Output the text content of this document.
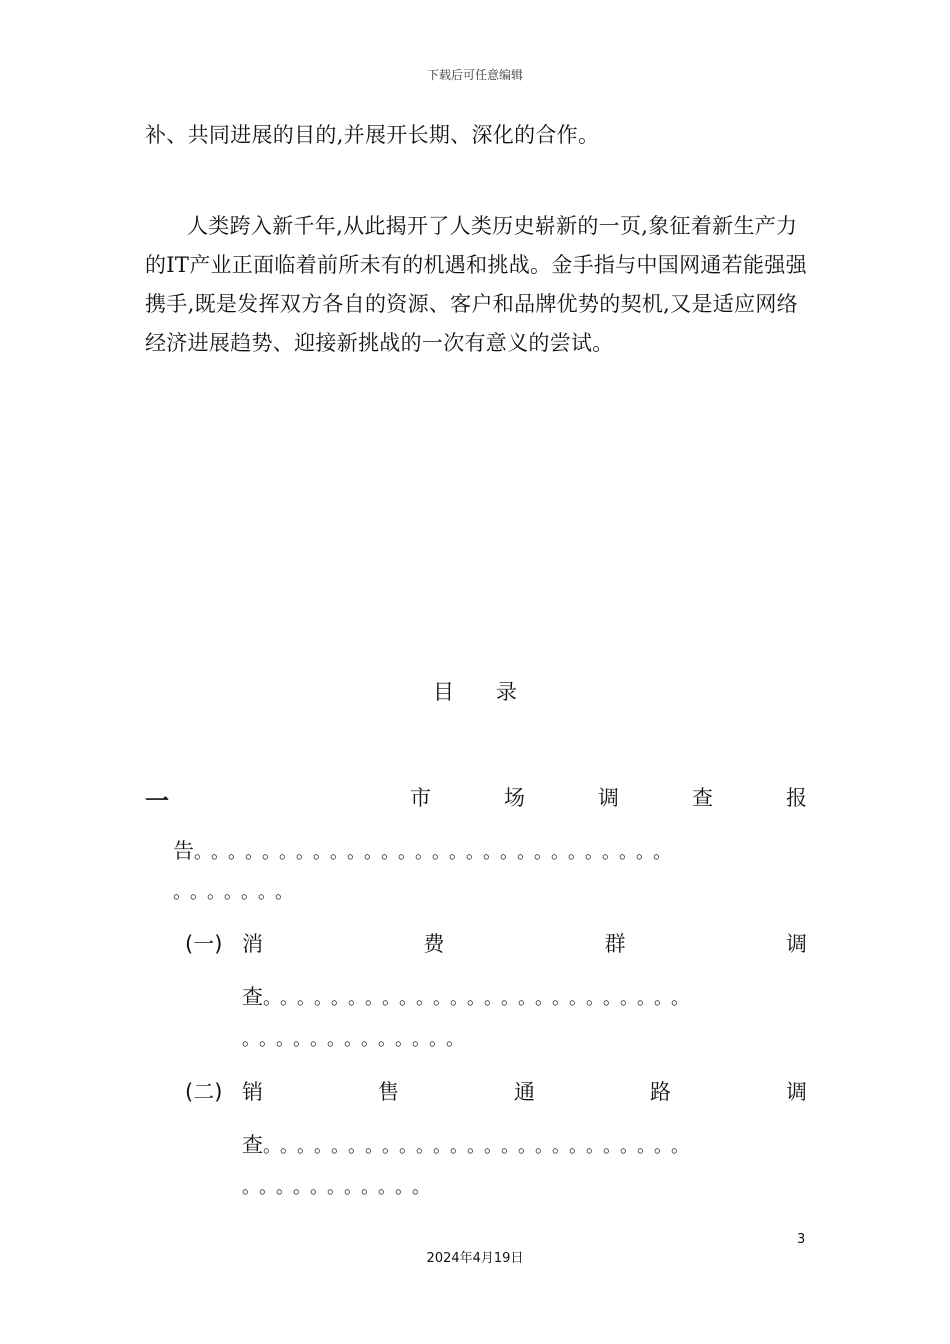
下载后可任意编辑
补、共同进展的目的,并展开长期、深化的合作。
人类跨入新千年,从此揭开了人类历史崭新的一页,象征着新生产力的IT产业正面临着前所未有的机遇和挑战。金手指与中国网通若能强强携手,既是发挥双方各自的资源、客户和品牌优势的契机,又是适应网络经济进展趋势、迎接新挑战的一次有意义的尝试。
目录
一	市	场	调	查	报
告。。。。。。。。。。。。。。。。。。。。。。。。。。。。
。。。。。。。
(一) 消	费	群	调
查。。。。。。。。。。。。。。。。。。。。。。。。。
。。。。。。。。。。。。。
(二) 销	售	通	路	调
查。。。。。。。。。。。。。。。。。。。。。。。。。
。。。。。。。。。。。
3
2024年4月19日
